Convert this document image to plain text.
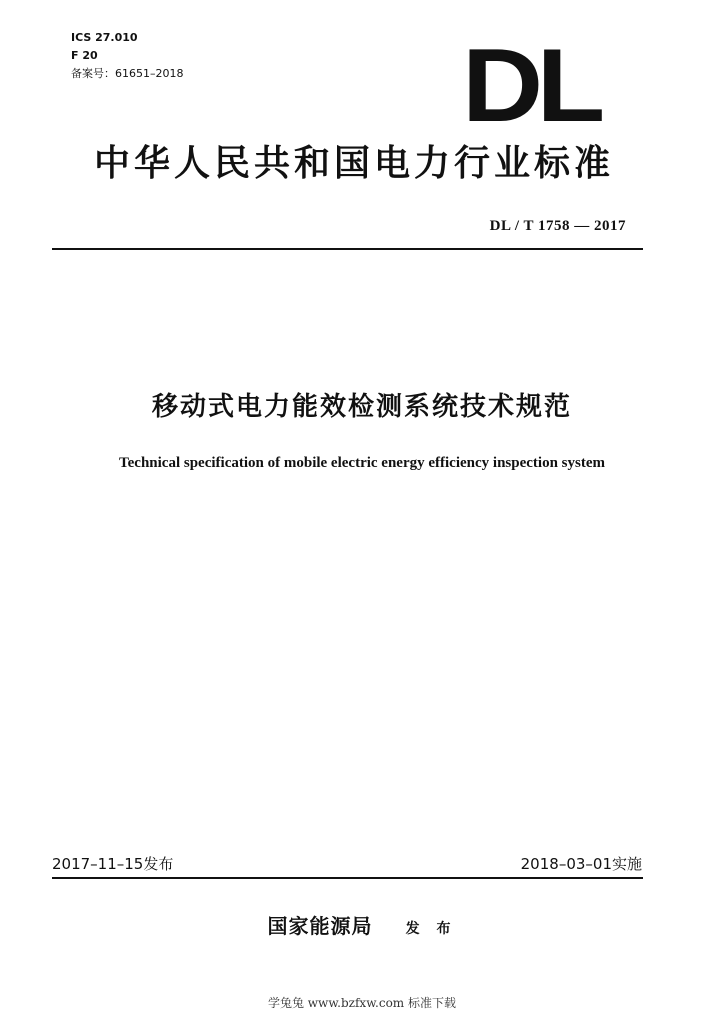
ICS 27.010
F 20
备案号：61651–2018	DL
中华人民共和国电力行业标准
DL / T 1758 — 2017
移动式电力能效检测系统技术规范
Technical specification of mobile electric energy efficiency inspection system
2017–11–15发布	2018–03–01实施
国家能源局 发 布
学兔兔 www.bzfxw.com 标准下载
